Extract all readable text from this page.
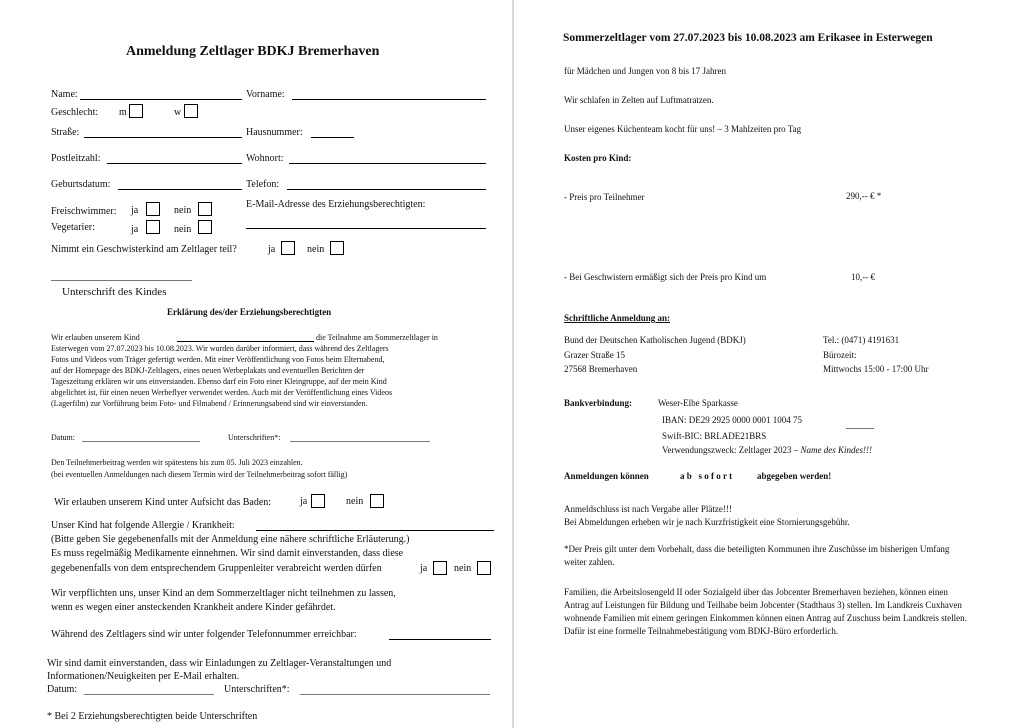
Anmeldung Zeltlager BDKJ Bremerhaven
Name:	Vorname:
Geschlecht: m	w
Straße:	Hausnummer:
Postleitzahl:	Wohnort:
Geburtsdatum:	Telefon:
Freischwimmer: ja	nein
Vegetarier:	ja	nein
E-Mail-Adresse des Erziehungsberechtigten:
Nimmt ein Geschwisterkind am Zeltlager teil?	ja	nein
Unterschrift des Kindes
Erklärung des/der Erziehungsberechtigten
Wir erlauben unserem Kind	die Teilnahme am Sommerzeltlager in
Esterwegen vom 27.07.2023 bis 10.08.2023. Wir wurden darüber informiert, dass während des Zeltlagers
Fotos und Videos vom Träger gefertigt werden. Mit einer Veröffentlichung von Fotos beim Elternabend,
auf der Homepage des BDKJ-Zeltlagers, eines neuen Werbeplakats und eventuellen Berichten der
Tageszeitung erklären wir uns einverstanden. Ebenso darf ein Foto einer Kleingruppe, auf der mein Kind
abgelichtet ist, für einen neuen Werbeflyer verwendet werden. Auch mit der Veröffentlichung eines Videos
(Lagerfilm) zur Vorführung beim Foto- und Filmabend / Erinnerungsabend sind wir einverstanden.
Datum:	Unterschriften*:
Den Teilnehmerbeitrag werden wir spätestens bis zum 05. Juli 2023 einzahlen.
(bei eventuellen Anmeldungen nach diesem Termin wird der Teilnehmerbeitrag sofort fällig)
Wir erlauben unserem Kind unter Aufsicht das Baden:	ja	nein
Unser Kind hat folgende Allergie / Krankheit:
(Bitte geben Sie gegebenenfalls mit der Anmeldung eine nähere schriftliche Erläuterung.)
Es muss regelmäßig Medikamente einnehmen. Wir sind damit einverstanden, dass diese
gegebenenfalls von dem entsprechendem Gruppenleiter verabreicht werden dürfen	ja	nein
Wir verpflichten uns, unser Kind an dem Sommerzeltlager nicht teilnehmen zu lassen,
wenn es wegen einer ansteckenden Krankheit andere Kinder gefährdet.
Während des Zeltlagers sind wir unter folgender Telefonnummer erreichbar:
Wir sind damit einverstanden, dass wir Einladungen zu Zeltlager-Veranstaltungen und
Informationen/Neuigkeiten per E-Mail erhalten.
Datum:	Unterschriften*:
* Bei 2 Erziehungsberechtigten beide Unterschriften
Sommerzeltlager vom 27.07.2023 bis 10.08.2023 am Erikasee in Esterwegen
für Mädchen und Jungen von 8 bis 17 Jahren
Wir schlafen in Zelten auf Luftmatratzen.
Unser eigenes Küchenteam kocht für uns! – 3 Mahlzeiten pro Tag
Kosten pro Kind:
- Preis pro Teilnehmer	290,-- € *
- Bei Geschwistern ermäßigt sich der Preis pro Kind um	10,-- €
Schriftliche Anmeldung an:
Bund der Deutschen Katholischen Jugend (BDKJ)
Grazer Straße 15
27568 Bremerhaven
Tel.: (0471) 4191631
Bürozeit:
Mittwochs 15:00 - 17:00 Uhr
Bankverbindung:	Weser-Elbe Sparkasse
IBAN: DE29 2925 0000 0001 1004 75
Swift-BIC: BRLADE21BRS
Verwendungszweck: Zeltlager 2023 – Name des Kindes!!!
Anmeldungen können	a b   s o f o r t	abgegeben werden!
Anmeldschluss ist nach Vergabe aller Plätze!!!
Bei Abmeldungen erheben wir je nach Kurzfristigkeit eine Stornierungsgebühr.
*Der Preis gilt unter dem Vorbehalt, dass die beteiligten Kommunen ihre Zuschüsse im bisherigen Umfang weiter zahlen.
Familien, die Arbeitslosengeld II oder Sozialgeld über das Jobcenter Bremerhaven beziehen, können einen Antrag auf Leistungen für Bildung und Teilhabe beim Jobcenter (Stadthaus 3) stellen. Im Landkreis Cuxhaven wohnende Familien mit einem geringen Einkommen können einen Antrag auf Zuschuss beim Landkreis stellen. Dafür ist eine formelle Teilnahmebestätigung vom BDKJ-Büro erforderlich.
